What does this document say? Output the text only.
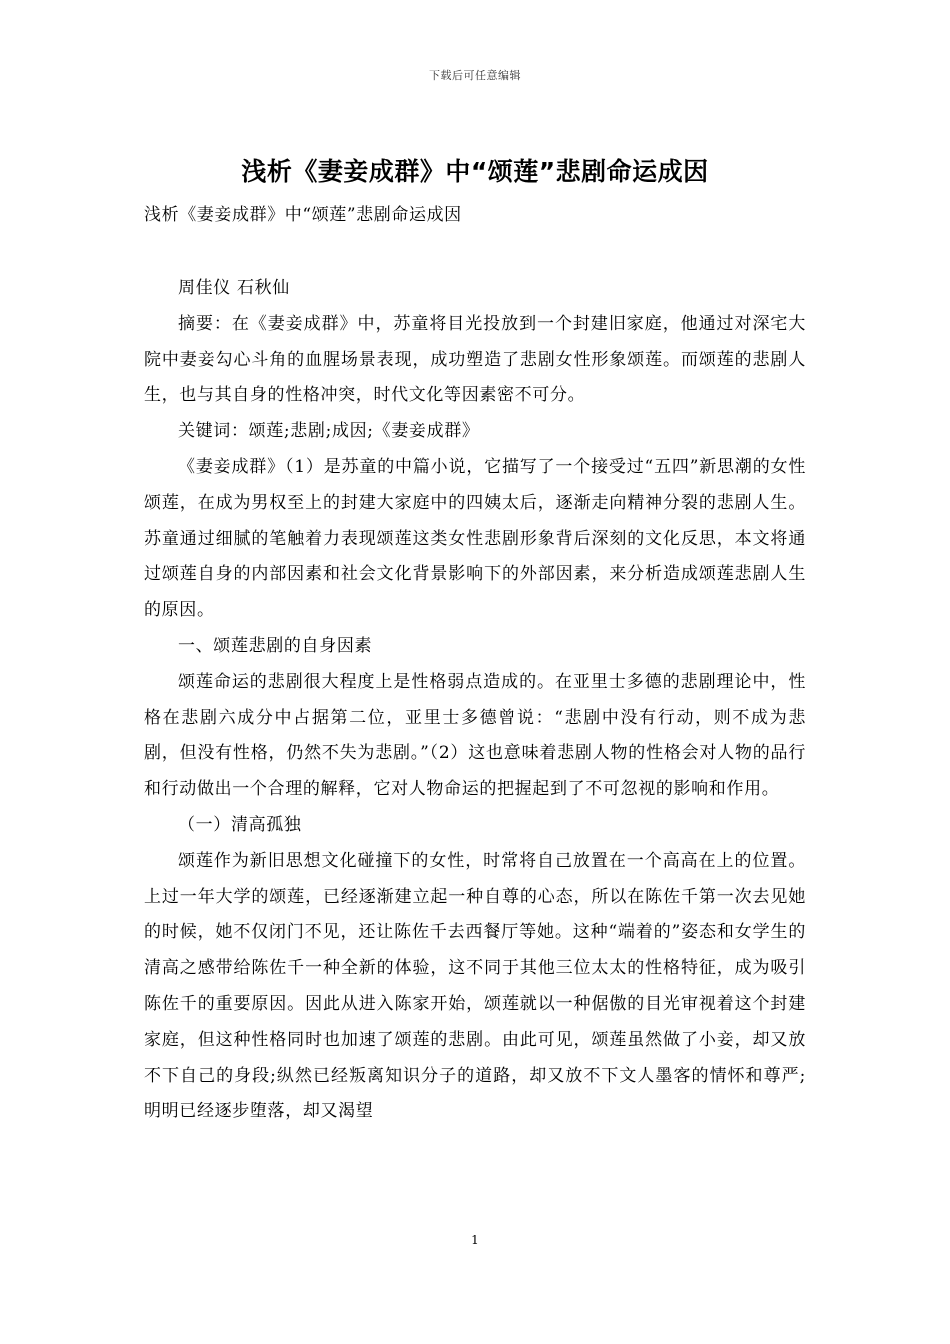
下载后可任意编辑
浅析《妻妾成群》中“颂莲”悲剧命运成因
浅析《妻妾成群》中“颂莲”悲剧命运成因

周佳仪 石秋仙

摘要：在《妻妾成群》中，苏童将目光投放到一个封建旧家庭，他通过对深宅大院中妻妾勾心斗角的血腥场景表现，成功塑造了悲剧女性形象颂莲。而颂莲的悲剧人生，也与其自身的性格冲突，时代文化等因素密不可分。

关键词：颂莲;悲剧;成因;《妻妾成群》

《妻妾成群》（1）是苏童的中篇小说，它描写了一个接受过“五四”新思潮的女性颂莲，在成为男权至上的封建大家庭中的四姨太后，逐渐走向精神分裂的悲剧人生。苏童通过细腻的笔触着力表现颂莲这类女性悲剧形象背后深刻的文化反思，本文将通过颂莲自身的内部因素和社会文化背景影响下的外部因素，来分析造成颂莲悲剧人生的原因。

一、颂莲悲剧的自身因素

颂莲命运的悲剧很大程度上是性格弱点造成的。在亚里士多德的悲剧理论中，性格在悲剧六成分中占据第二位，亚里士多德曾说：“悲剧中没有行动，则不成为悲剧，但没有性格，仍然不失为悲剧。”（2）这也意味着悲剧人物的性格会对人物的品行和行动做出一个合理的解释，它对人物命运的把握起到了不可忽视的影响和作用。

（一）清高孤独

颂莲作为新旧思想文化碰撞下的女性，时常将自己放置在一个高高在上的位置。上过一年大学的颂莲，已经逐渐建立起一种自尊的心态，所以在陈佐千第一次去见她的时候，她不仅闭门不见，还让陈佐千去西餐厅等她。这种“端着的”姿态和女学生的清高之感带给陈佐千一种全新的体验，这不同于其他三位太太的性格特征，成为吸引陈佐千的重要原因。因此从进入陈家开始，颂莲就以一种倨傲的目光审视着这个封建家庭，但这种性格同时也加速了颂莲的悲剧。由此可见，颂莲虽然做了小妾，却又放不下自己的身段;纵然已经叛离知识分子的道路，却又放不下文人墨客的情怀和尊严;明明已经逐步堕落，却又渴望

1
